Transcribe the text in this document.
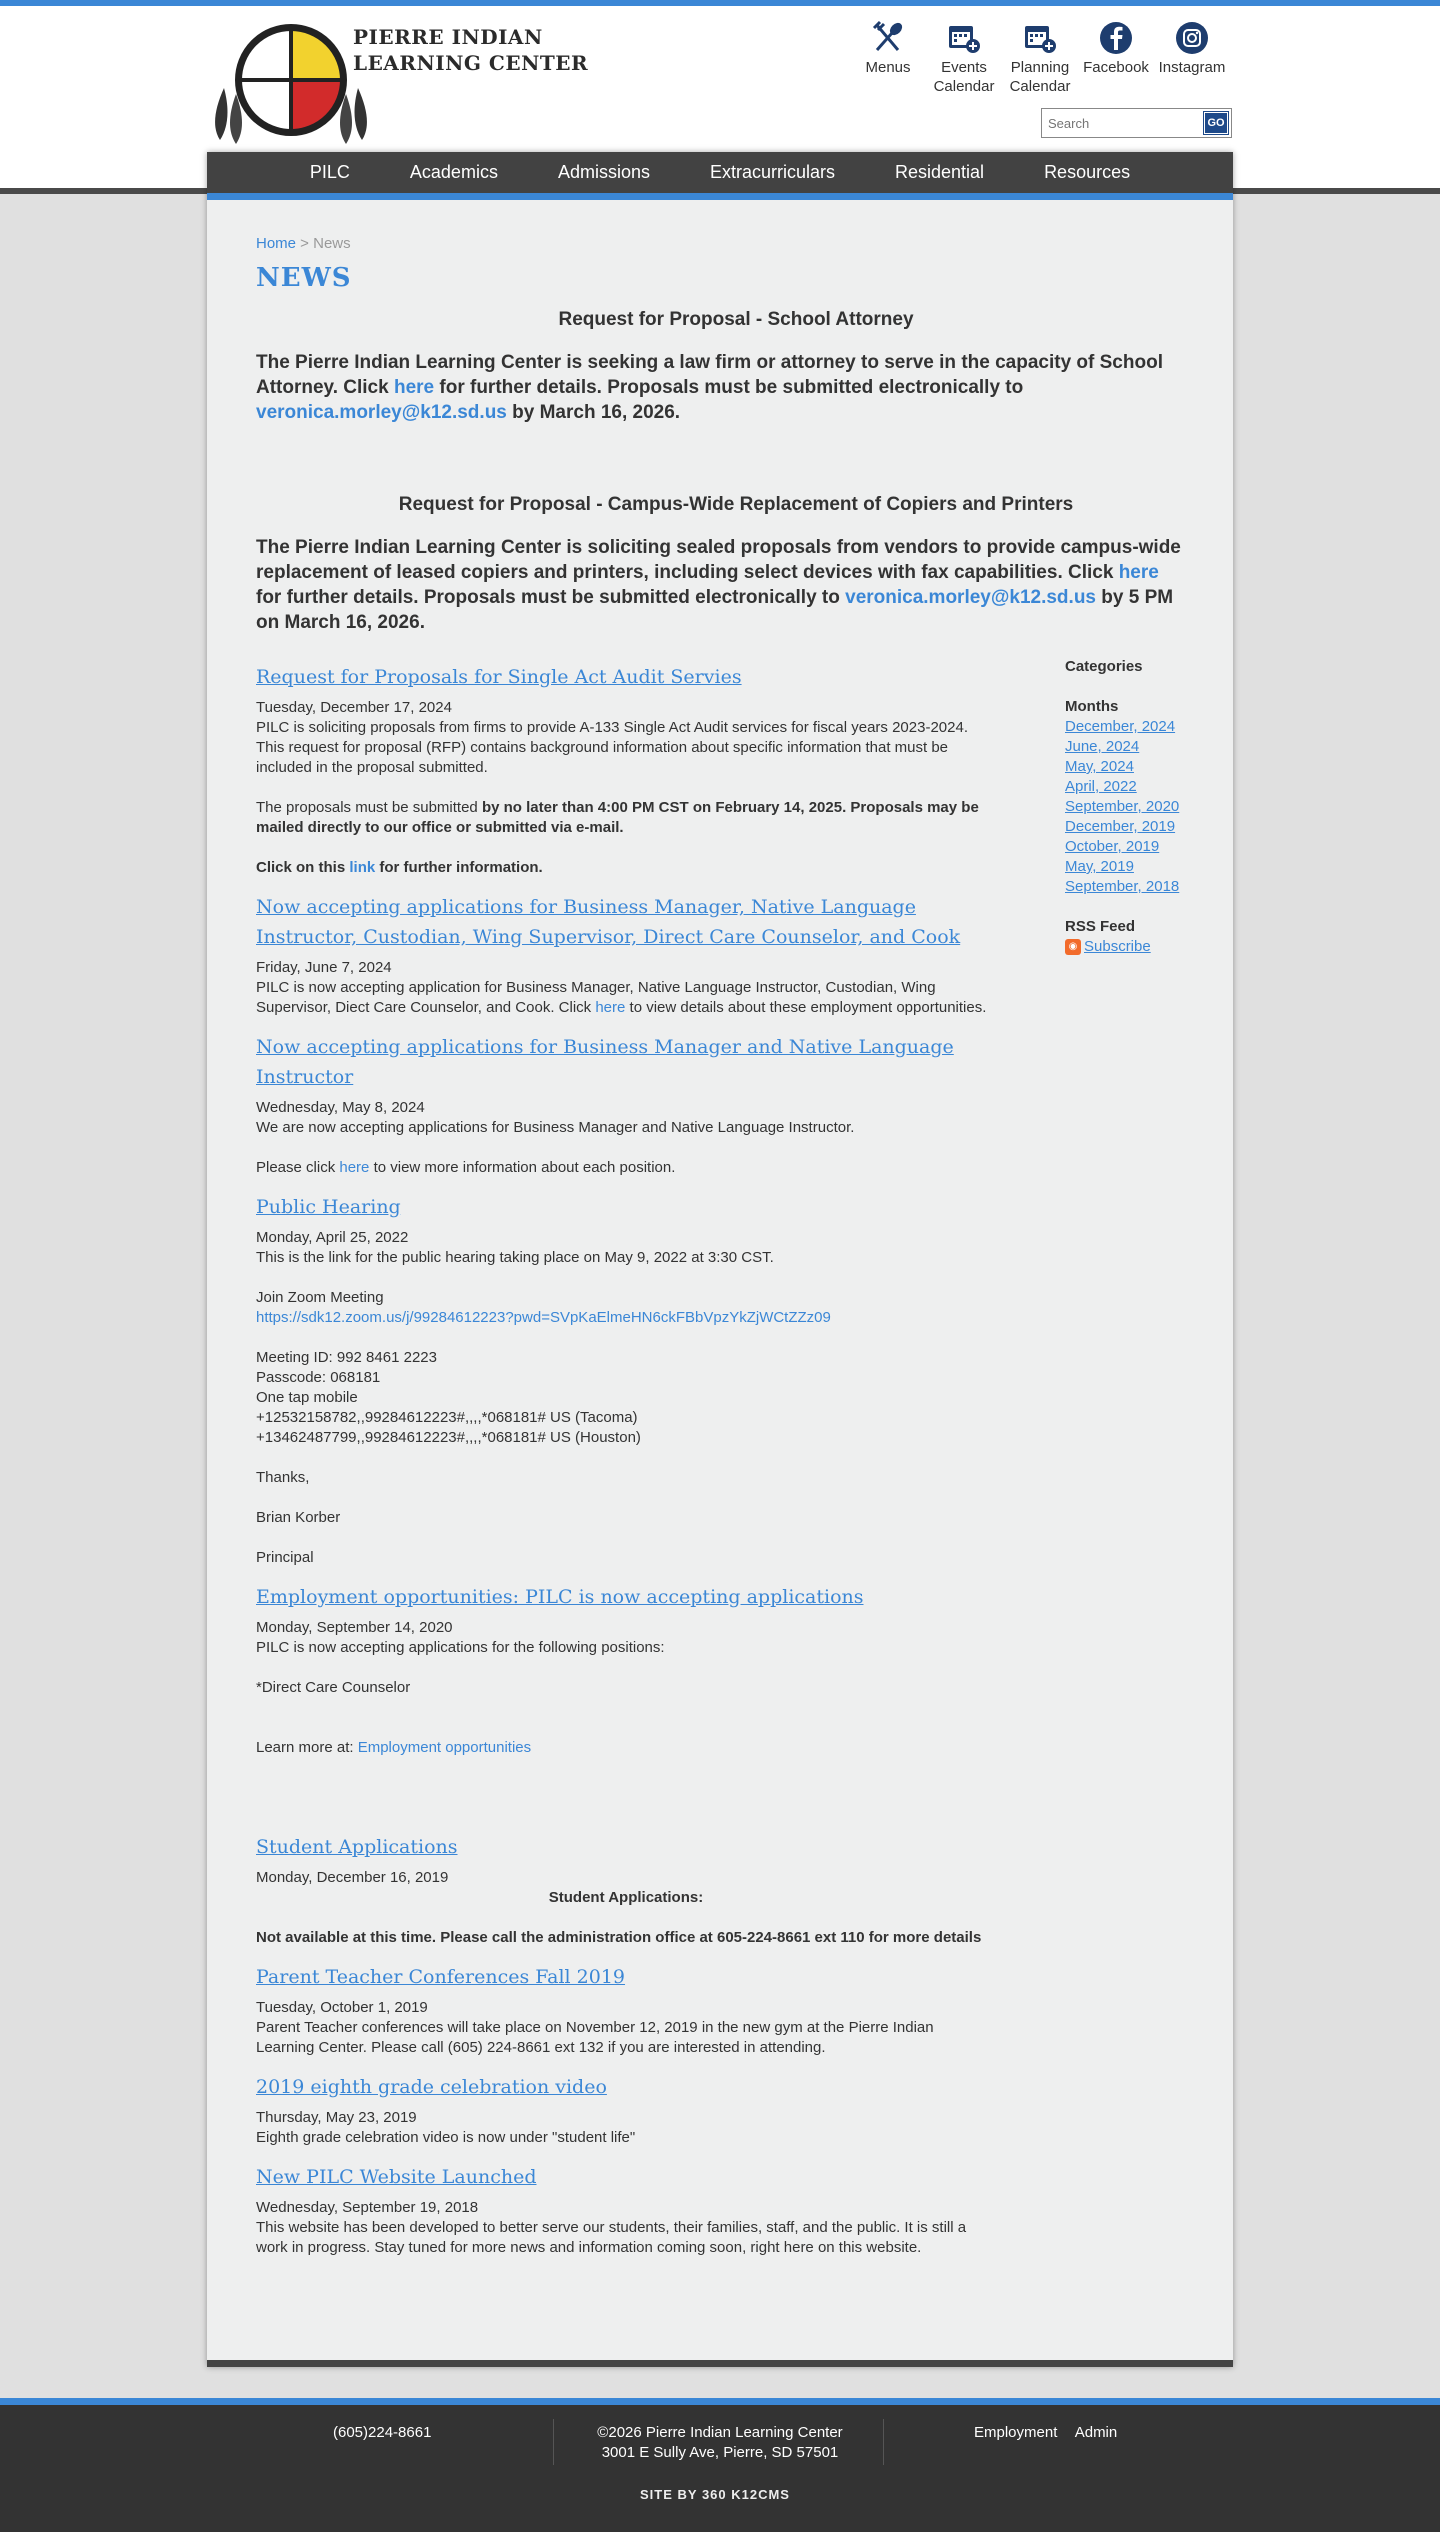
PIERRE INDIAN
LEARNING CENTER	Menus Events
Calendar
Planning
Calendar
Facebook Instagram
Search
GO
PILC	Academics	Admissions	Extracurriculars	Residential	Resources
Home > News
NEWS
Request for Proposal - School Attorney
The Pierre Indian Learning Center is seeking a law firm or attorney to serve in the capacity of School Attorney. Click here for further details. Proposals must be submitted electronically to veronica.morley@k12.sd.us by March 16, 2026.
Request for Proposal - Campus-Wide Replacement of Copiers and Printers
The Pierre Indian Learning Center is soliciting sealed proposals from vendors to provide campus-wide replacement of leased copiers and printers, including select devices with fax capabilities. Click here for further details. Proposals must be submitted electronically to veronica.morley@k12.sd.us by 5 PM on March 16, 2026.
Request for Proposals for Single Act Audit Servies
Tuesday, December 17, 2024
PILC is soliciting proposals from firms to provide A-133 Single Act Audit services for fiscal years 2023-2024. This request for proposal (RFP) contains background information about specific information that must be included in the proposal submitted.
The proposals must be submitted by no later than 4:00 PM CST on February 14, 2025. Proposals may be mailed directly to our office or submitted via e-mail.
Click on this link for further information.
Now accepting applications for Business Manager, Native Language Instructor, Custodian, Wing Supervisor, Direct Care Counselor, and Cook
Friday, June 7, 2024
PILC is now accepting application for Business Manager, Native Language Instructor, Custodian, Wing Supervisor, Diect Care Counselor, and Cook. Click here to view details about these employment opportunities.
Now accepting applications for Business Manager and Native Language Instructor
Wednesday, May 8, 2024
We are now accepting applications for Business Manager and Native Language Instructor.
Please click here to view more information about each position.
Public Hearing
Monday, April 25, 2022
This is the link for the public hearing taking place on May 9, 2022 at 3:30 CST.
Join Zoom Meeting
https://sdk12.zoom.us/j/99284612223?pwd=SVpKaElmeHN6ckFBbVpzYkZjWCtZZz09
Meeting ID: 992 8461 2223
Passcode: 068181
One tap mobile
+12532158782,,99284612223#,,,,*068181# US (Tacoma)
+13462487799,,99284612223#,,,,*068181# US (Houston)
Thanks,
Brian Korber
Principal
Employment opportunities: PILC is now accepting applications
Monday, September 14, 2020
PILC is now accepting applications for the following positions:
*Direct Care Counselor
Learn more at: Employment opportunities
Student Applications
Monday, December 16, 2019
Student Applications:
Not available at this time. Please call the administration office at 605-224-8661 ext 110 for more details
Parent Teacher Conferences Fall 2019
Tuesday, October 1, 2019
Parent Teacher conferences will take place on November 12, 2019 in the new gym at the Pierre Indian Learning Center. Please call (605) 224-8661 ext 132 if you are interested in attending.
2019 eighth grade celebration video
Thursday, May 23, 2019
Eighth grade celebration video is now under "student life"
New PILC Website Launched
Wednesday, September 19, 2018
This website has been developed to better serve our students, their families, staff, and the public. It is still a work in progress. Stay tuned for more news and information coming soon, right here on this website.
Categories
Months
December, 2024
June, 2024
May, 2024
April, 2022
September, 2020
December, 2019
October, 2019
May, 2019
September, 2018
RSS Feed
◉ Subscribe
(605)224-8661	©2026 Pierre Indian Learning Center
3001 E Sully Ave, Pierre, SD 57501
Employment Admin
SITE BY 360 K12CMS
